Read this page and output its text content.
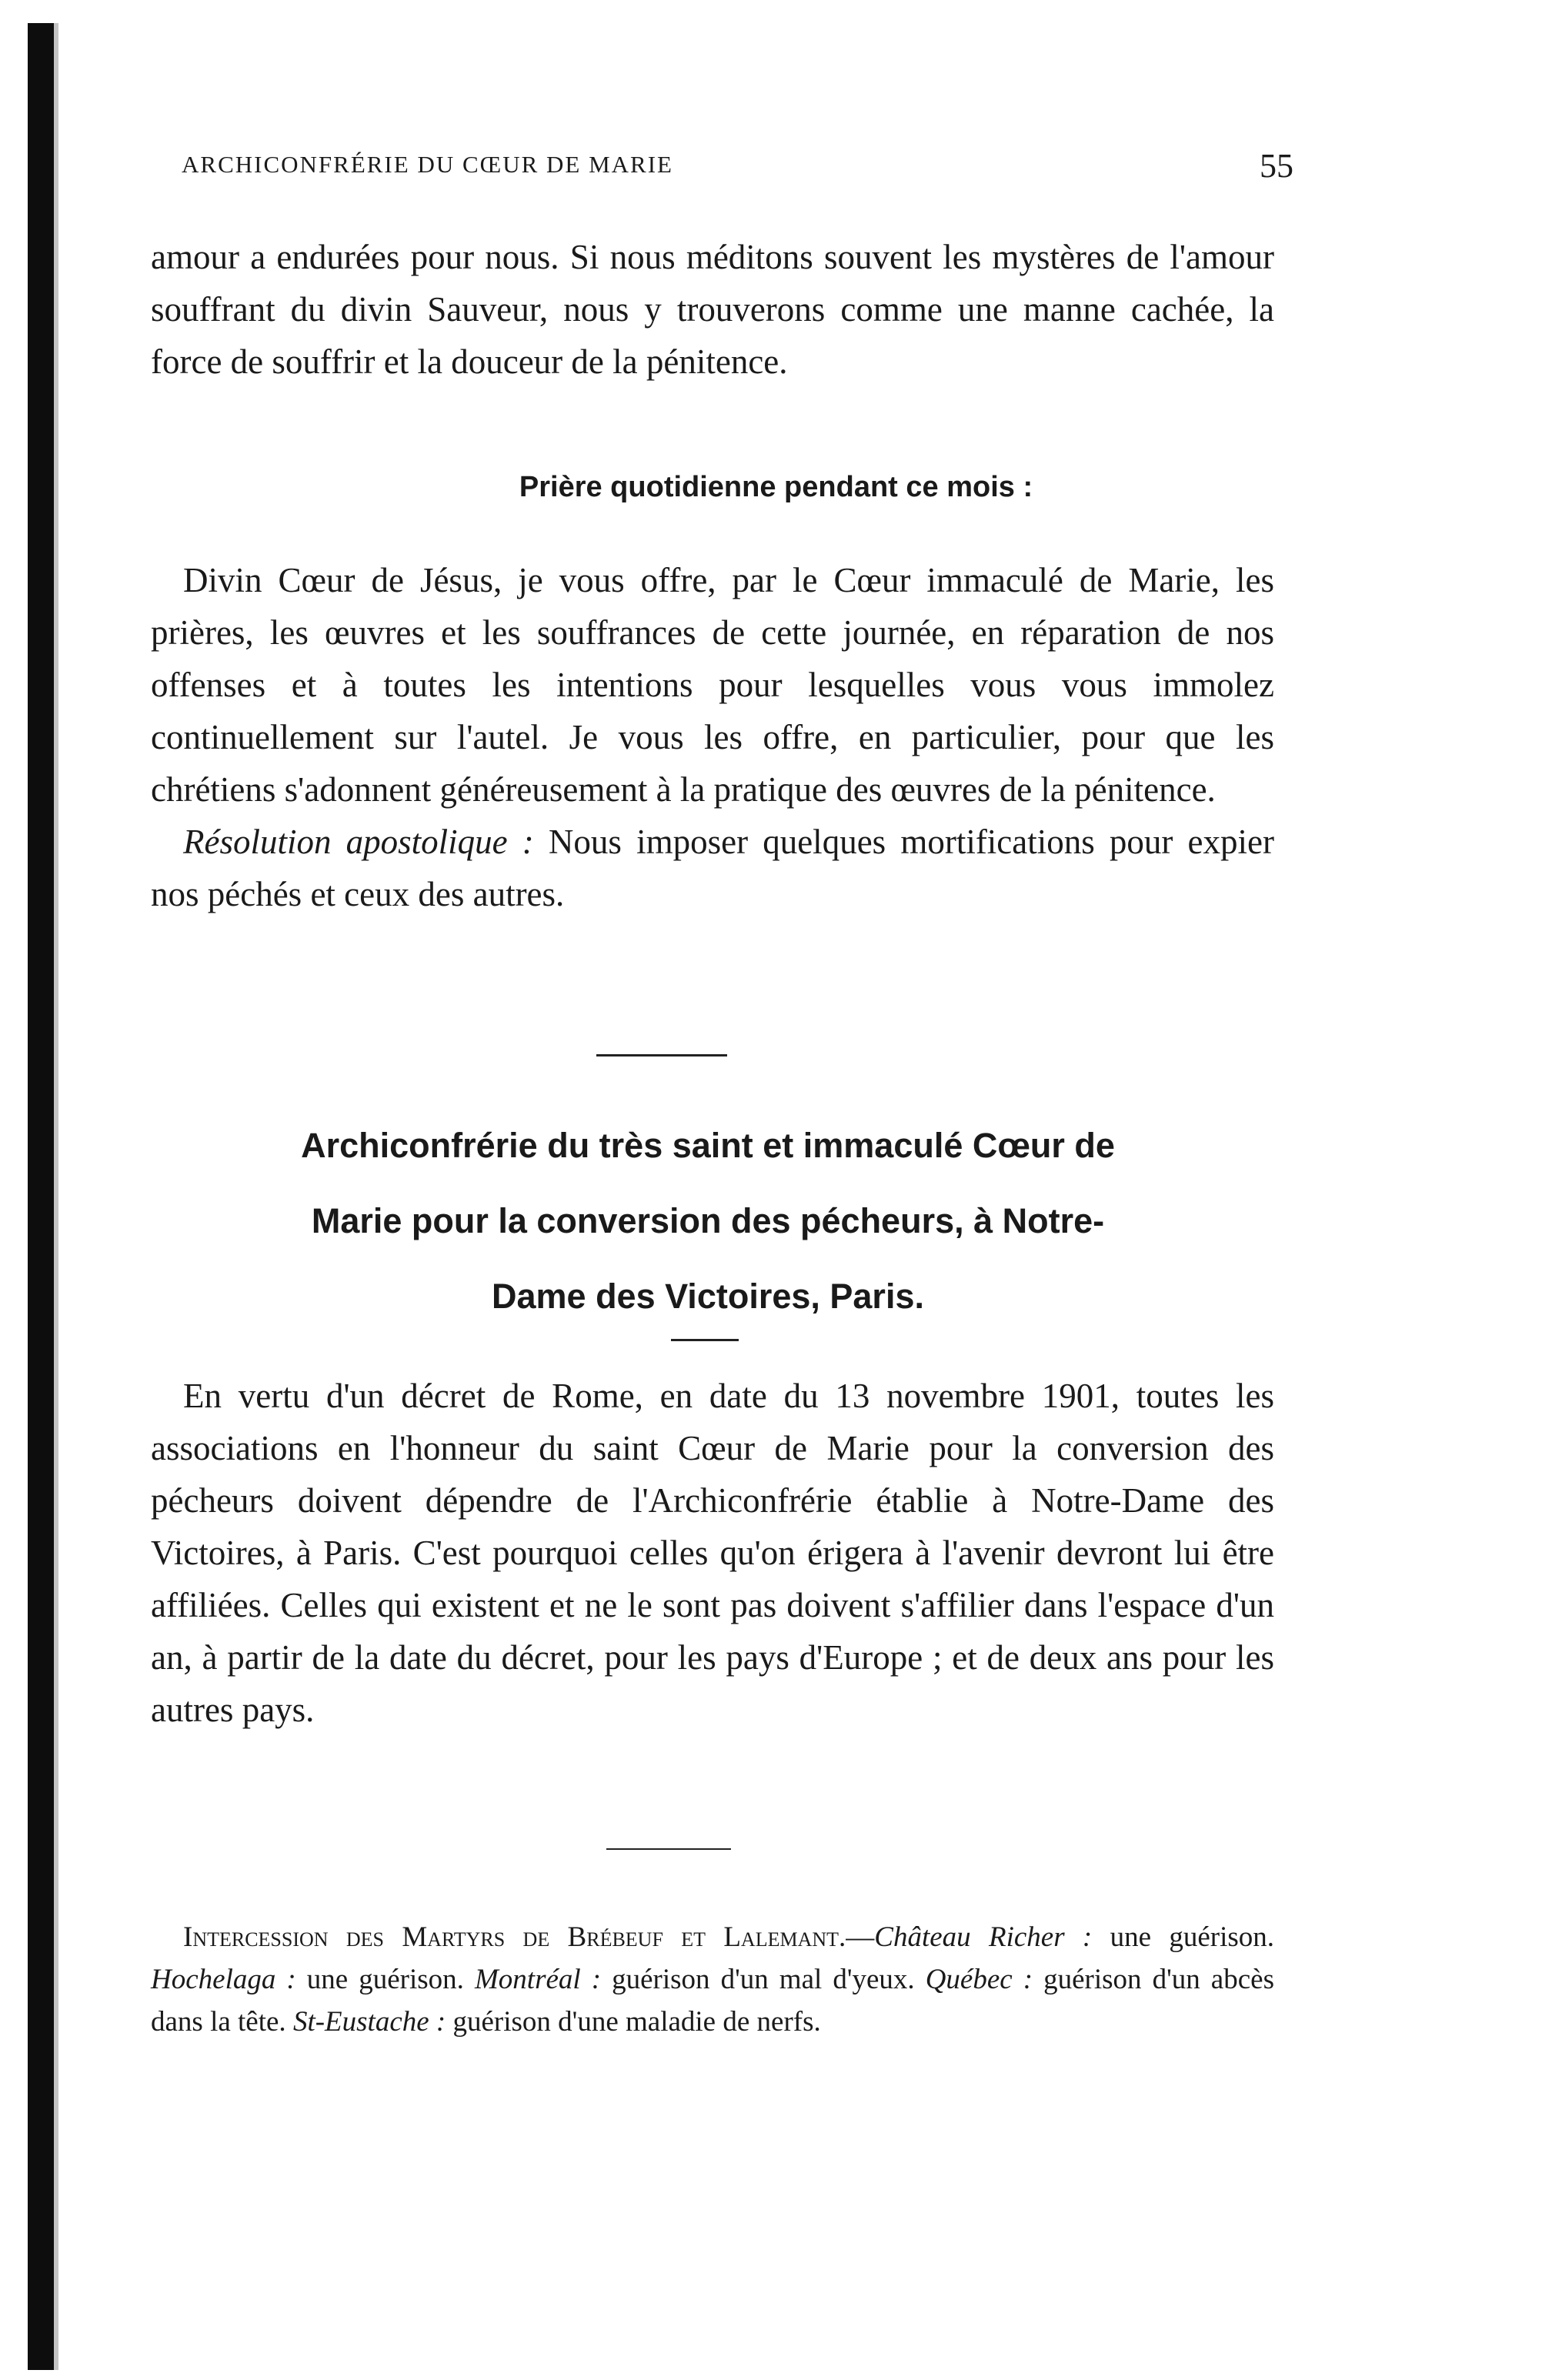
ARCHICONFRÉRIE DU CŒUR DE MARIE	55
amour a endurées pour nous. Si nous méditons souvent les mystères de l'amour souffrant du divin Sauveur, nous y trouverons comme une manne cachée, la force de souffrir et la douceur de la pénitence.
Prière quotidienne pendant ce mois :
Divin Cœur de Jésus, je vous offre, par le Cœur immaculé de Marie, les prières, les œuvres et les souffrances de cette journée, en réparation de nos offenses et à toutes les intentions pour lesquelles vous vous immolez continuellement sur l'autel. Je vous les offre, en particulier, pour que les chrétiens s'adonnent généreusement à la pratique des œuvres de la pénitence.
Résolution apostolique : Nous imposer quelques mortifications pour expier nos péchés et ceux des autres.
Archiconfrérie du très saint et immaculé Cœur de
Marie pour la conversion des pécheurs, à Notre-
Dame des Victoires, Paris.
En vertu d'un décret de Rome, en date du 13 novembre 1901, toutes les associations en l'honneur du saint Cœur de Marie pour la conversion des pécheurs doivent dépendre de l'Archiconfrérie établie à Notre-Dame des Victoires, à Paris. C'est pourquoi celles qu'on érigera à l'avenir devront lui être affiliées. Celles qui existent et ne le sont pas doivent s'affilier dans l'espace d'un an, à partir de la date du décret, pour les pays d'Europe ; et de deux ans pour les autres pays.
Intercession des Martyrs de Brébeuf et Lalemant.—Château Richer : une guérison. Hochelaga : une guérison. Montréal : guérison d'un mal d'yeux. Québec : guérison d'un abcès dans la tête. St-Eustache : guérison d'une maladie de nerfs.
